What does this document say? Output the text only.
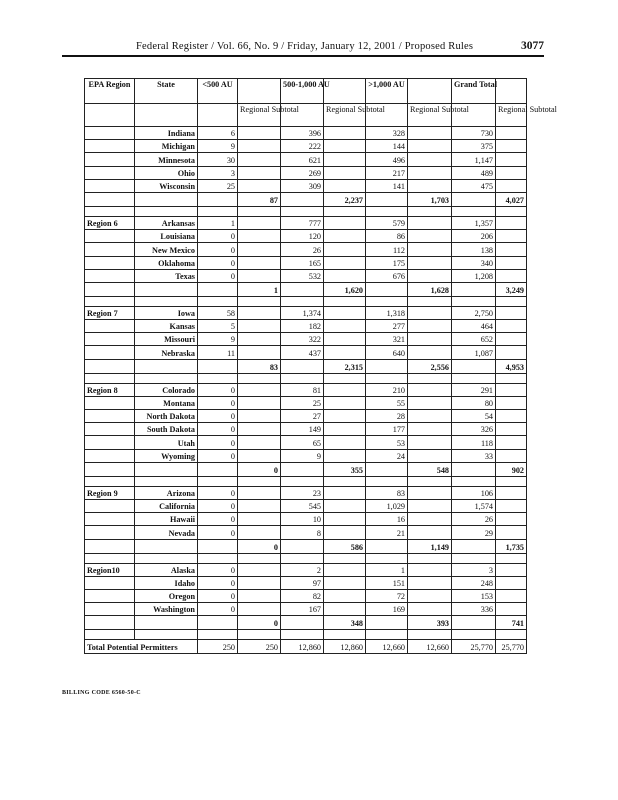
Federal Register / Vol. 66, No. 9 / Friday, January 12, 2001 / Proposed Rules	3077
EPA Region	State	<500 AU		500-1,000 AU		>1,000 AU		Grand Total	
			Regional Subtotal		Regional Subtotal		Regional Subtotal		Regional Subtotal
	Indiana	6		396		328		730	
	Michigan	9		222		144		375	
	Minnesota	30		621		496		1,147	
	Ohio	3		269		217		489	
	Wisconsin	25		309		141		475	
			87		2,237		1,703		4,027

Region 6	Arkansas	1		777		579		1,357	
	Louisiana	0		120		86		206	
	New Mexico	0		26		112		138	
	Oklahoma	0		165		175		340	
	Texas	0		532		676		1,208	
			1		1,620		1,628		3,249

Region 7	Iowa	58		1,374		1,318		2,750	
	Kansas	5		182		277		464	
	Missouri	9		322		321		652	
	Nebraska	11		437		640		1,087	
			83		2,315		2,556		4,953

Region 8	Colorado	0		81		210		291	
	Montana	0		25		55		80	
	North Dakota	0		27		28		54	
	South Dakota	0		149		177		326	
	Utah	0		65		53		118	
	Wyoming	0		9		24		33	
			0		355		548		902

Region 9	Arizona	0		23		83		106	
	California	0		545		1,029		1,574	
	Hawaii	0		10		16		26	
	Nevada	0		8		21		29	
			0		586		1,149		1,735

Region10	Alaska	0		2		1		3	
	Idaho	0		97		151		248	
	Oregon	0		82		72		153	
	Washington	0		167		169		336	
			0		348		393		741

Total Potential Permitters		250	250	12,860	12,860	12,660	12,660	25,770	25,770
BILLING CODE 6560-50-C
